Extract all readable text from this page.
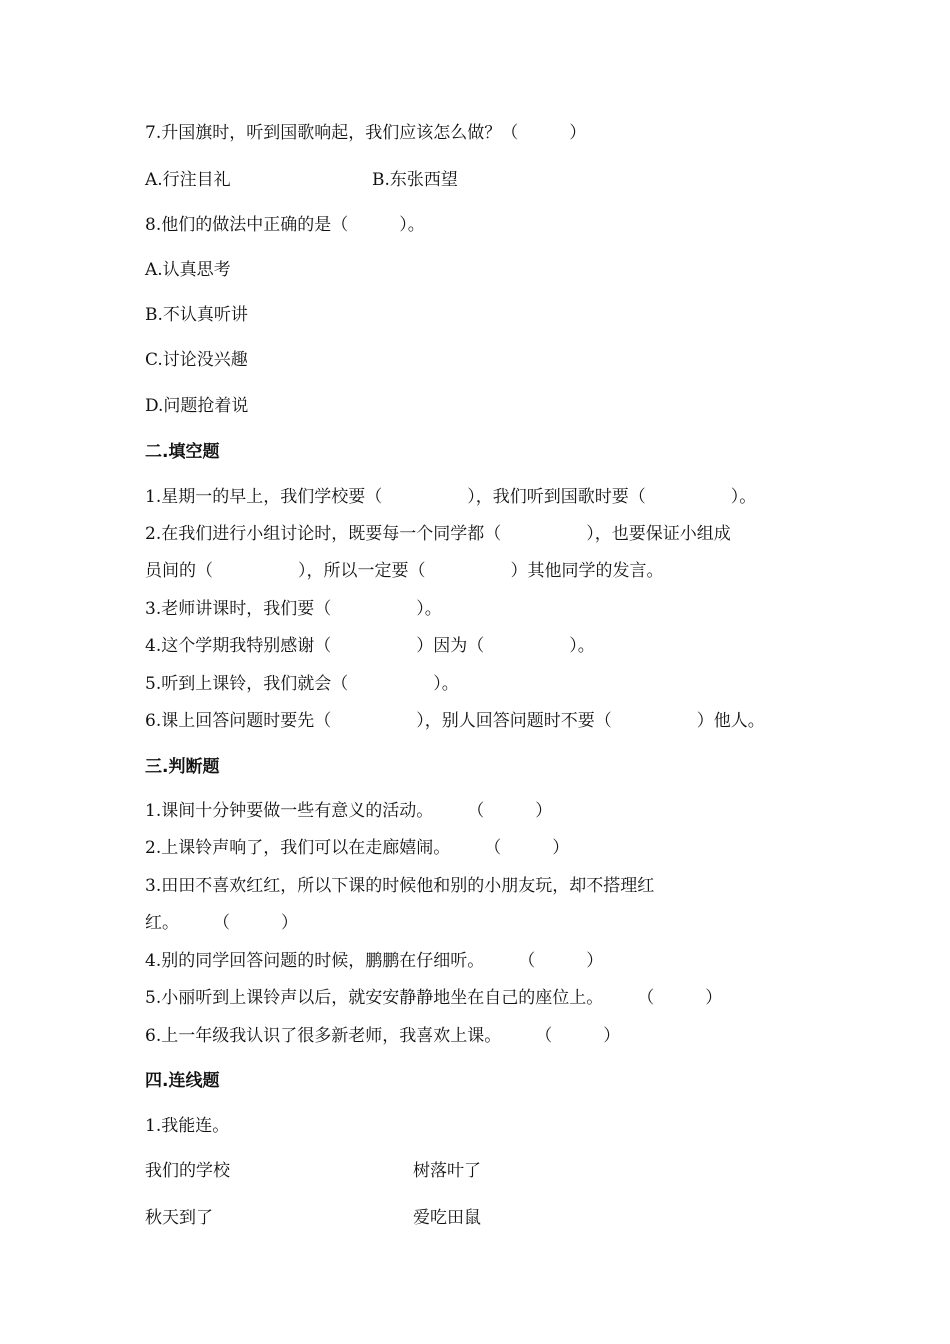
7.升国旗时，听到国歌响起，我们应该怎么做？（　　　）
A.行注目礼	B.东张西望
8.他们的做法中正确的是（　　　）。
A.认真思考
B.不认真听讲
C.讨论没兴趣
D.问题抢着说
二.填空题
1.星期一的早上，我们学校要（　　　　　），我们听到国歌时要（　　　　　）。
2.在我们进行小组讨论时，既要每一个同学都（　　　　　），也要保证小组成
员间的（　　　　　），所以一定要（　　　　　）其他同学的发言。
3.老师讲课时，我们要（　　　　　）。
4.这个学期我特别感谢（　　　　　）因为（　　　　　）。
5.听到上课铃，我们就会（　　　　　）。
6.课上回答问题时要先（　　　　　），别人回答问题时不要（　　　　　）他人。
三.判断题
1.课间十分钟要做一些有意义的活动。　　　（　　　）
2.上课铃声响了，我们可以在走廊嬉闹。　　　（　　　）
3.田田不喜欢红红，所以下课的时候他和别的小朋友玩，却不搭理红
红。　　　（　　　）
4.别的同学回答问题的时候，鹏鹏在仔细听。　　　（　　　）
5.小丽听到上课铃声以后，就安安静静地坐在自己的座位上。　　　（　　　）
6.上一年级我认识了很多新老师，我喜欢上课。　　　（　　　）
四.连线题
1.我能连。
我们的学校	树落叶了
秋天到了	爱吃田鼠
